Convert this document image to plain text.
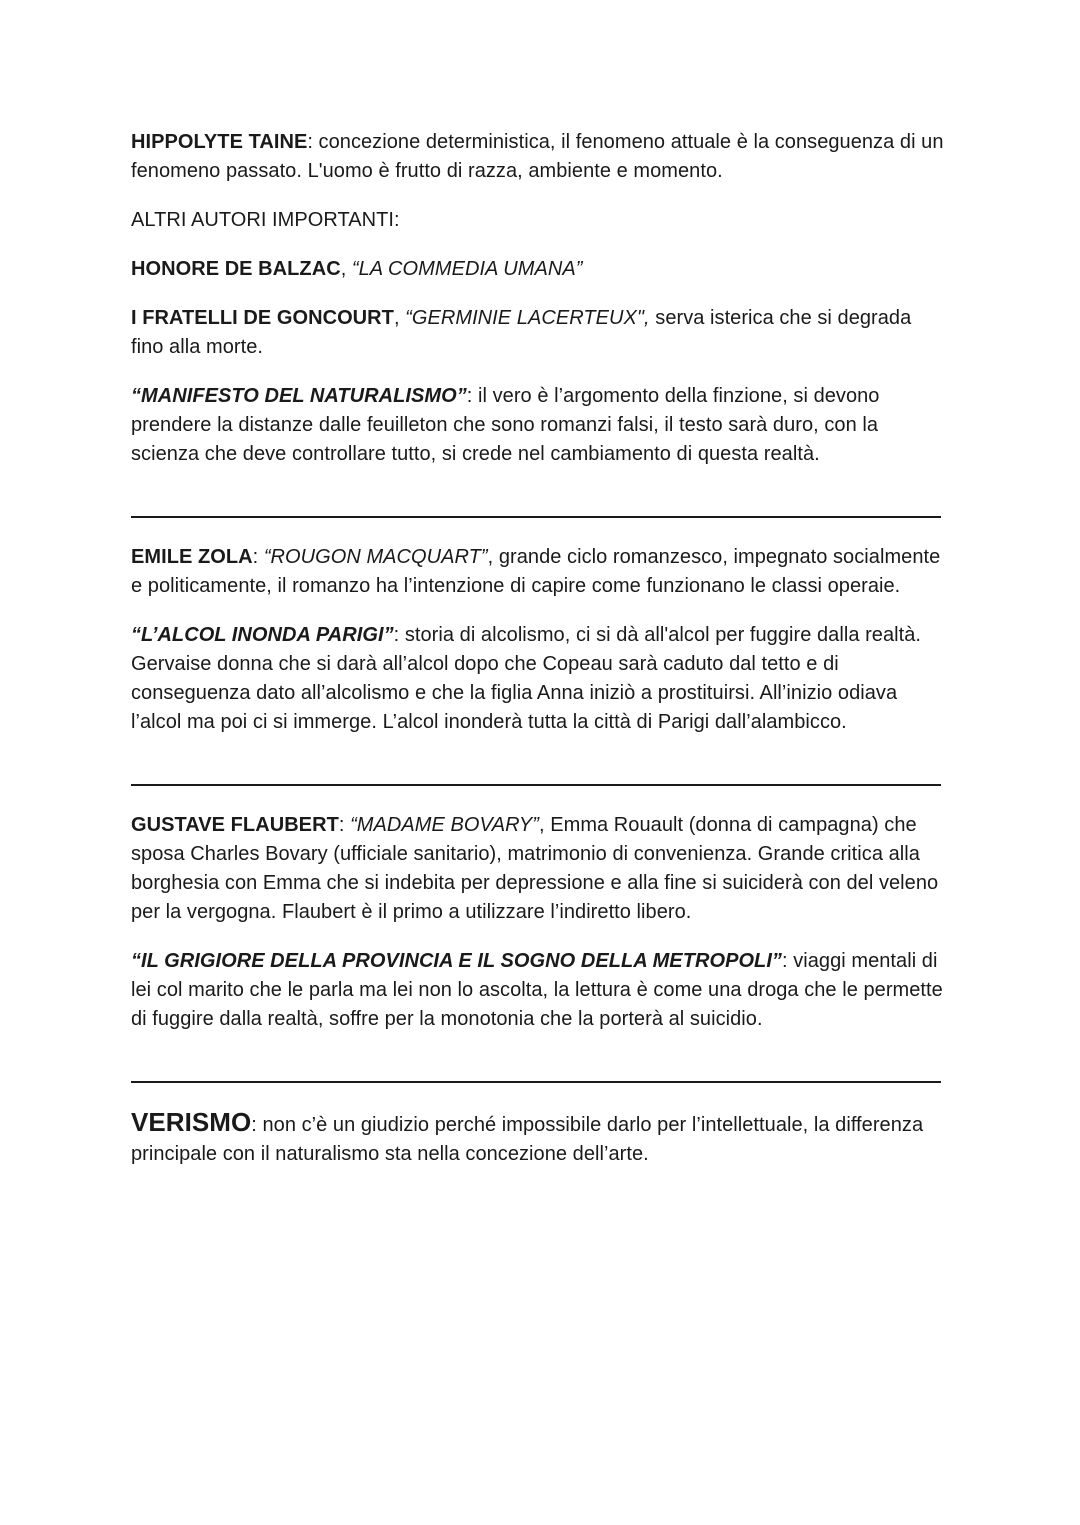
HIPPOLYTE TAINE: concezione deterministica, il fenomeno attuale è la conseguenza di un fenomeno passato. L'uomo è frutto di razza, ambiente e momento.

ALTRI AUTORI IMPORTANTI:

HONORE DE BALZAC, “LA COMMEDIA UMANA”

I FRATELLI DE GONCOURT, “GERMINIE LACERTEUX", serva isterica che si degrada fino alla morte.

“MANIFESTO DEL NATURALISMO”: il vero è l’argomento della finzione, si devono prendere la distanze dalle feuilleton che sono romanzi falsi, il testo sarà duro, con la scienza che deve controllare tutto, si crede nel cambiamento di questa realtà.

EMILE ZOLA: “ROUGON MACQUART”, grande ciclo romanzesco, impegnato socialmente e politicamente, il romanzo ha l’intenzione di capire come funzionano le classi operaie.

“L’ALCOL INONDA PARIGI”: storia di alcolismo, ci si dà all'alcol per fuggire dalla realtà. Gervaise donna che si darà all’alcol dopo che Copeau sarà caduto dal tetto e di conseguenza dato all’alcolismo e che la figlia Anna iniziò a prostituirsi. All’inizio odiava l’alcol ma poi ci si immerge. L’alcol inonderà tutta la città di Parigi dall’alambicco.

GUSTAVE FLAUBERT: “MADAME BOVARY”, Emma Rouault (donna di campagna) che sposa Charles Bovary (ufficiale sanitario), matrimonio di convenienza. Grande critica alla borghesia con Emma che si indebita per depressione e alla fine si suiciderà con del veleno per la vergogna. Flaubert è il primo a utilizzare l’indiretto libero.

“IL GRIGIORE DELLA PROVINCIA E IL SOGNO DELLA METROPOLI”: viaggi mentali di lei col marito che le parla ma lei non lo ascolta, la lettura è come una droga che le permette di fuggire dalla realtà, soffre per la monotonia che la porterà al suicidio.

VERISMO: non c’è un giudizio perché impossibile darlo per l’intellettuale, la differenza principale con il naturalismo sta nella concezione dell’arte.
